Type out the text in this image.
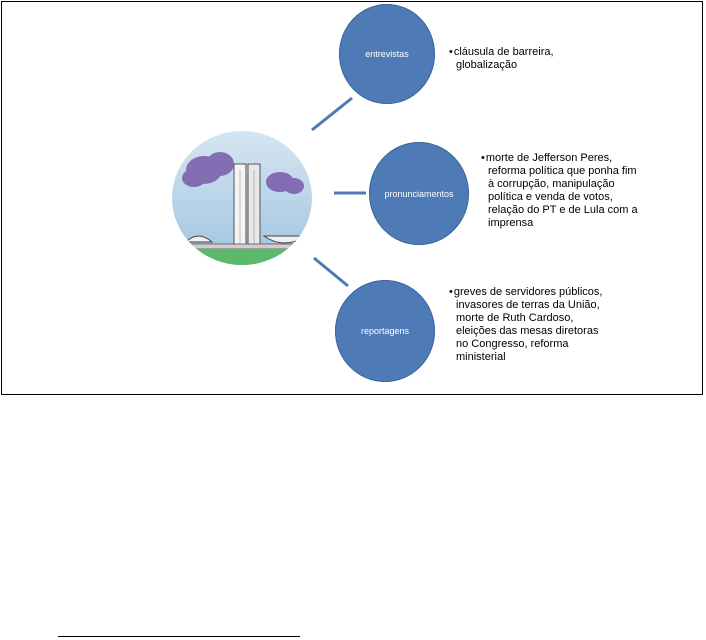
entrevistas
•	cláusula de barreira, globalização
pronunciamentos
• morte de Jefferson Peres, reforma política que ponha fim à corrupção, manipulação política e venda de votos, relação do PT e de Lula com a imprensa
reportagens
• greves de servidores públicos, invasores de terras da União, morte de Ruth Cardoso, eleições das mesas diretoras no Congresso, reforma ministerial
